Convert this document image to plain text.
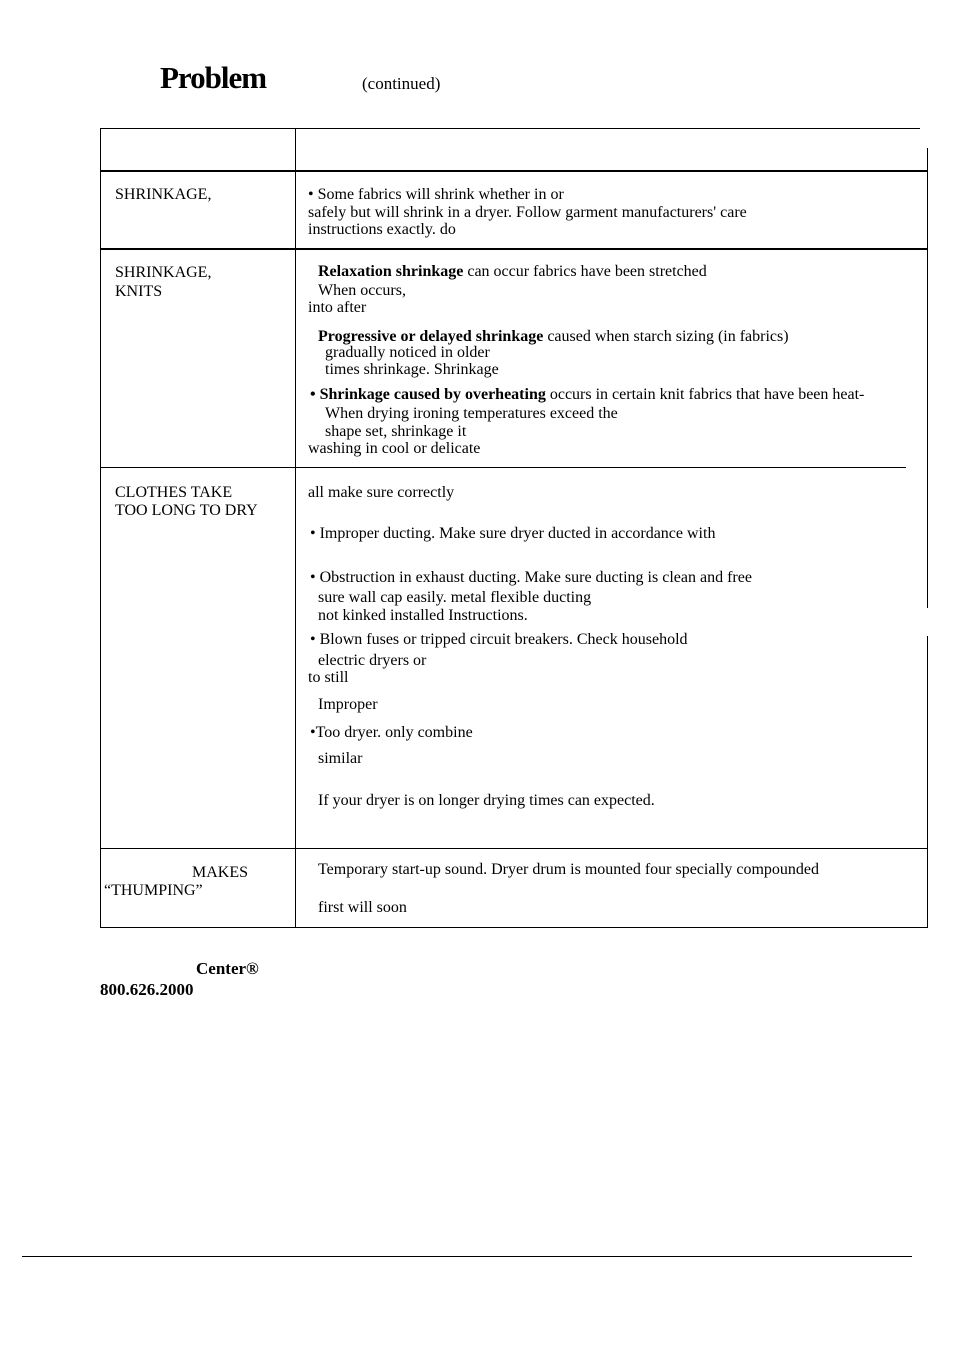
Problem	(continued)
SHRINKAGE,	• Some fabrics will shrink whether in or
safely but will shrink in a dryer. Follow garment manufacturers' care
instructions exactly. do
SHRINKAGE,
KNITS
Relaxation shrinkage can occur fabrics have been stretched
When occurs,
into after
Progressive or delayed shrinkage caused when starch sizing (in fabrics)
gradually noticed in older
times shrinkage. Shrinkage
• Shrinkage caused by overheating occurs in certain knit fabrics that have been heat-
When drying ironing temperatures exceed the
shape set, shrinkage it
washing in cool or delicate
CLOTHES TAKE
TOO LONG TO DRY
all make sure correctly
• Improper ducting. Make sure dryer ducted in accordance with
• Obstruction in exhaust ducting. Make sure ducting is clean and free
sure wall cap easily. metal flexible ducting
not kinked installed Instructions.
• Blown fuses or tripped circuit breakers. Check household
electric dryers or
to still
Improper
•Too dryer. only combine
similar
If your dryer is on longer drying times can expected.
MAKES
“THUMPING”
Temporary start-up sound. Dryer drum is mounted four specially compounded
first will soon
Center®
800.626.2000
